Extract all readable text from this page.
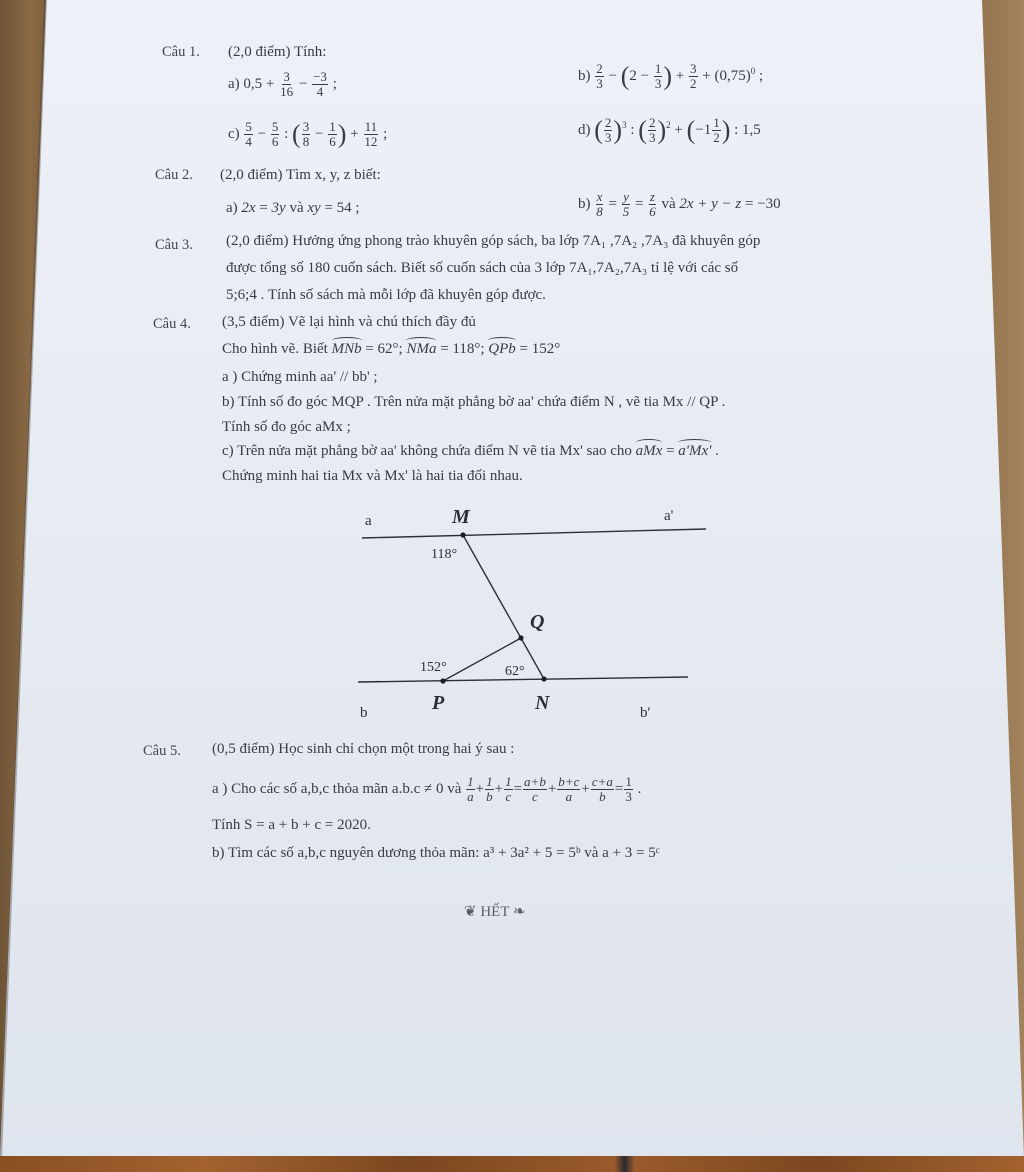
Câu 1. (2,0 điểm) Tính:
a) $0,5 + \frac{3}{16} - \frac{-3}{4}$ ;	$b) \frac{2}{3} - (2 - \frac{1}{3}$ ) + $\frac{3}{2} + (0,75)^0$ ;
$c) \frac{5}{4} - \frac{5}{6}$ : ( $\frac{3}{8} - \frac{1}{6}$ ) + $\frac{11}{12}$ ;	d) ( $\frac{2}{3} )^3$ : ( $\frac{2}{3} )^2 + (-1 \frac{1}{2}$ ) : 1,5
Câu 2. (2,0 điểm) Tìm x, y, z biết:
a) 2x = 3y và xy = 54 ;	$b) \frac{x}{8} = \frac{y}{5} = \frac{z}{6}$ và 2x + y − z = −30
Câu 3. (2,0 điểm) Hưởng ứng phong trào khuyên góp sách, ba lớp 7A₁ ,7A₂ ,7A₃ đã khuyên góp
được tổng số 180 cuốn sách. Biết số cuốn sách của 3 lớp 7A₁,7A₂,7A₃ tỉ lệ với các số
5;6;4 . Tính số sách mà mỗi lớp đã khuyên góp được.
Câu 4. (3,5 điểm) Vẽ lại hình và chú thích đầy đủ
Cho hình vẽ. Biết MNb = 62°; NMa = 118°; QPb = 152°
a ) Chứng minh aa' // bb' ;
b) Tính số đo góc MQP . Trên nửa mặt phẳng bờ aa' chứa điểm N , vẽ tia Mx // QP .
Tính số đo góc aMx ;
c) Trên nửa mặt phẳng bờ aa' không chứa điểm N vẽ tia Mx' sao cho aMx = a'Mx' .
Chứng minh hai tia Mx và Mx' là hai tia đối nhau.
a	a'
M
118°
Q
152°	62°
b	P	N	b'
Câu 5. (0,5 điểm) Học sinh chỉ chọn một trong hai ý sau :
a ) Cho các số a,b,c thỏa mãn a.b.c ≠ 0 và $\frac{1}{a} + \frac{1}{b} + \frac{1}{c} = \frac{a+b}{c} + \frac{b+c}{a} + \frac{c+a}{b} = \frac{1}{3}$ .
Tính S = a + b + c = 2020.
b) Tìm các số a,b,c nguyên dương thỏa mãn: a³ + 3a² + 5 = 5ᵇ và a + 3 = 5ᶜ
❦ HẾT ❧
